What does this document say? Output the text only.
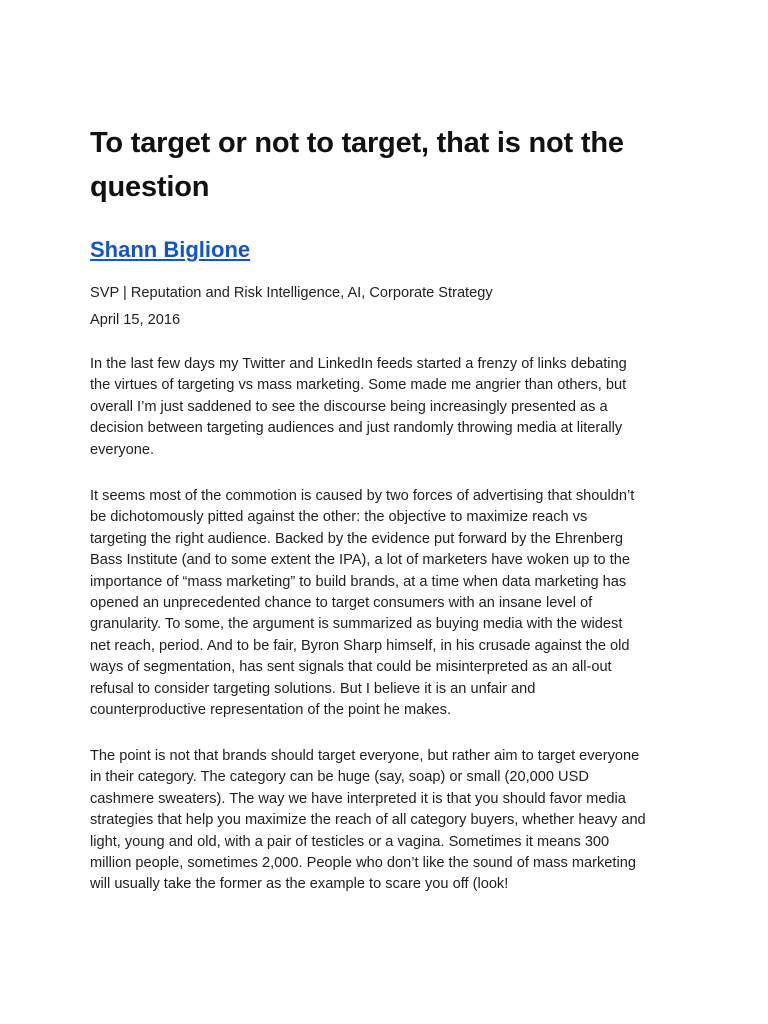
To target or not to target, that is not the question
Shann Biglione
SVP | Reputation and Risk Intelligence, AI, Corporate Strategy
April 15, 2016

In the last few days my Twitter and LinkedIn feeds started a frenzy of links debating the virtues of targeting vs mass marketing. Some made me angrier than others, but overall I’m just saddened to see the discourse being increasingly presented as a decision between targeting audiences and just randomly throwing media at literally everyone.

It seems most of the commotion is caused by two forces of advertising that shouldn’t be dichotomously pitted against the other: the objective to maximize reach vs targeting the right audience. Backed by the evidence put forward by the Ehrenberg Bass Institute (and to some extent the IPA), a lot of marketers have woken up to the importance of “mass marketing” to build brands, at a time when data marketing has opened an unprecedented chance to target consumers with an insane level of granularity. To some, the argument is summarized as buying media with the widest net reach, period. And to be fair, Byron Sharp himself, in his crusade against the old ways of segmentation, has sent signals that could be misinterpreted as an all-out refusal to consider targeting solutions. But I believe it is an unfair and counterproductive representation of the point he makes.

The point is not that brands should target everyone, but rather aim to target everyone in their category. The category can be huge (say, soap) or small (20,000 USD cashmere sweaters). The way we have interpreted it is that you should favor media strategies that help you maximize the reach of all category buyers, whether heavy and light, young and old, with a pair of testicles or a vagina. Sometimes it means 300 million people, sometimes 2,000. People who don’t like the sound of mass marketing will usually take the former as the example to scare you off (look!
